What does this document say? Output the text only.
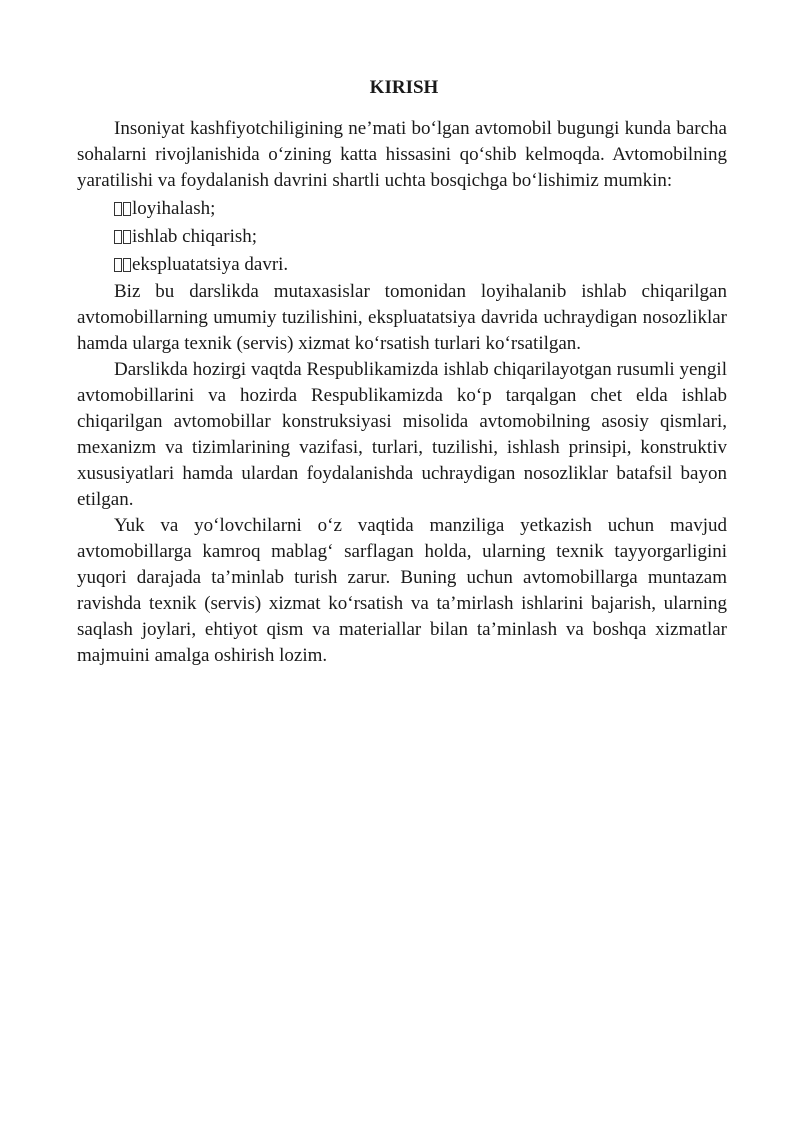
KIRISH

Insoniyat kashfiyotchiligining neʼmati boʻlgan avtomobil bugungi kunda barcha sohalarni rivojlanishida oʻzining katta hissasini qoʻshib kelmoqda. Avtomobilning yaratilishi va foydalanish davrini shartli uchta bosqichga boʻlishimiz mumkin:

loyihalash;
ishlab chiqarish;
ekspluatatsiya davri.

Biz bu darslikda mutaxasislar tomonidan loyihalanib ishlab chiqarilgan avtomobillarning umumiy tuzilishini, ekspluatatsiya davrida uchraydigan nosozliklar hamda ularga texnik (servis) xizmat koʻrsatish turlari koʻrsatilgan.

Darslikda hozirgi vaqtda Respublikamizda ishlab chiqarilayotgan rusumli yengil avtomobillarini va hozirda Respublikamizda koʻp tarqalgan chet elda ishlab chiqarilgan avtomobillar konstruksiyasi misolida avtomobilning asosiy qismlari, mexanizm va tizimlarining vazifasi, turlari, tuzilishi, ishlash prinsipi, konstruktiv xususiyatlari hamda ulardan foydalanishda uchraydigan nosozliklar batafsil bayon etilgan.

Yuk va yoʻlovchilarni oʻz vaqtida manziliga yetkazish uchun mavjud avtomobillarga kamroq mablagʻ sarflagan holda, ularning texnik tayyorgarligini yuqori darajada taʼminlab turish zarur. Buning uchun avtomobillarga muntazam ravishda texnik (servis) xizmat koʻrsatish va taʼmirlash ishlarini bajarish, ularning saqlash joylari, ehtiyot qism va materiallar bilan taʼminlash va boshqa xizmatlar majmuini amalga oshirish lozim.
